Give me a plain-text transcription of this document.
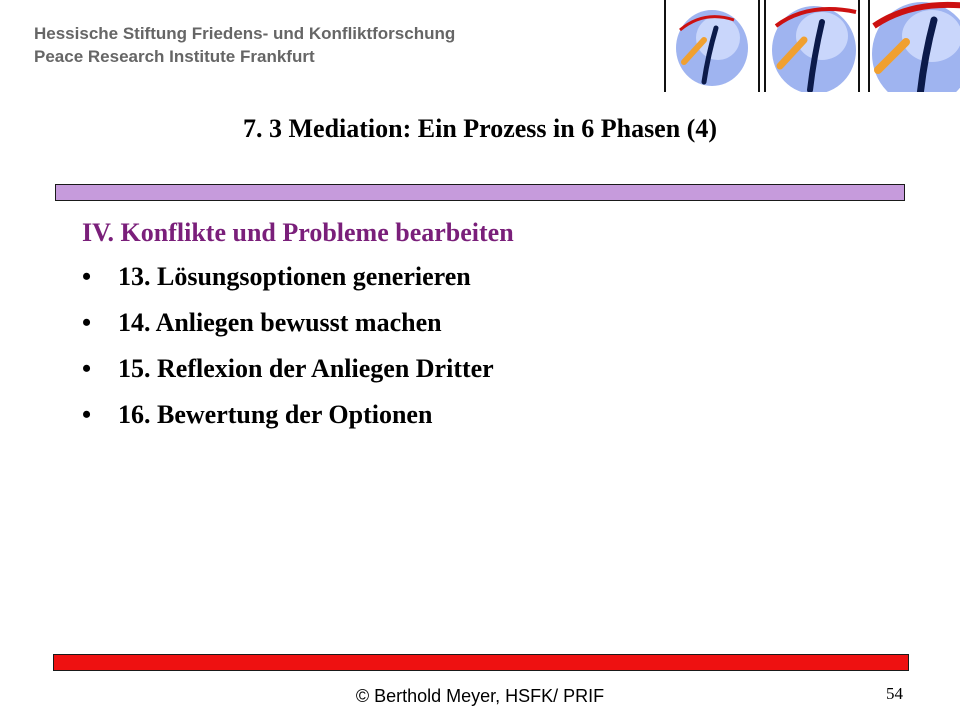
Hessische Stiftung Friedens- und Konfliktforschung
Peace Research Institute Frankfurt
7. 3 Mediation: Ein Prozess in 6 Phasen (4)
IV. Konflikte und Probleme bearbeiten
•	13. Lösungsoptionen generieren
•	14. Anliegen bewusst machen
•	15. Reflexion der Anliegen Dritter
•	16. Bewertung der Optionen
© Berthold Meyer, HSFK/ PRIF	54
